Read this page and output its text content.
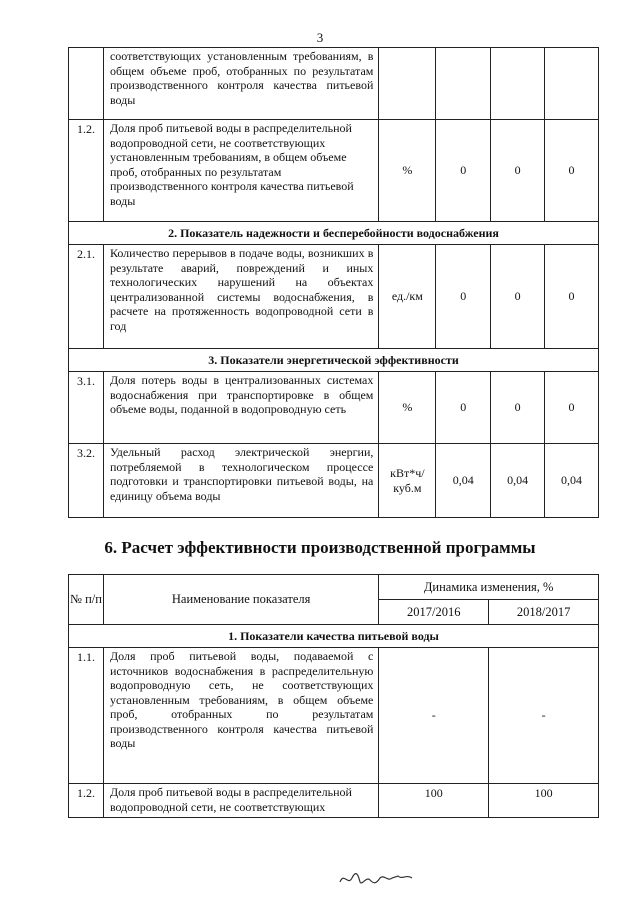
3
	соответствующих установленным требованиям, в общем объеме проб, отобранных по результатам производственного контроля качества питьевой воды				
1.2.	Доля проб питьевой воды в распределительной водопроводной сети, не соответствующих установленным требованиям, в общем объеме проб, отобранных по результатам производственного контроля качества питьевой воды	%	0	0	0
2. Показатель надежности и бесперебойности водоснабжения					
2.1.	Количество перерывов в подаче воды, возникших в результате аварий, повреждений и иных технологических нарушений на объектах централизованной системы водоснабжения, в расчете на протяженность водопроводной сети в год	ед./км	0	0	0
3. Показатели энергетической эффективности					
3.1.	Доля потерь воды в централизованных системах водоснабжения при транспортировке в общем объеме воды, поданной в водопроводную сеть	%	0	0	0
3.2.	Удельный расход электрической энергии, потребляемой в технологическом процессе подготовки и транспортировки питьевой воды, на единицу объема воды	кВт*ч/ куб.м	0,04	0,04	0,04
6. Расчет эффективности производственной программы
№ п/п	Наименование показателя	Динамика изменения, %	
		2017/2016	2018/2017
1. Показатели качества питьевой воды			
1.1.	Доля проб питьевой воды, подаваемой с источников водоснабжения в распределительную водопроводную сеть, не соответствующих установленным требованиям, в общем объеме проб, отобранных по результатам производственного контроля качества питьевой воды	-	-
1.2.	Доля проб питьевой воды в распределительной водопроводной сети, не соответствующих	100	100
